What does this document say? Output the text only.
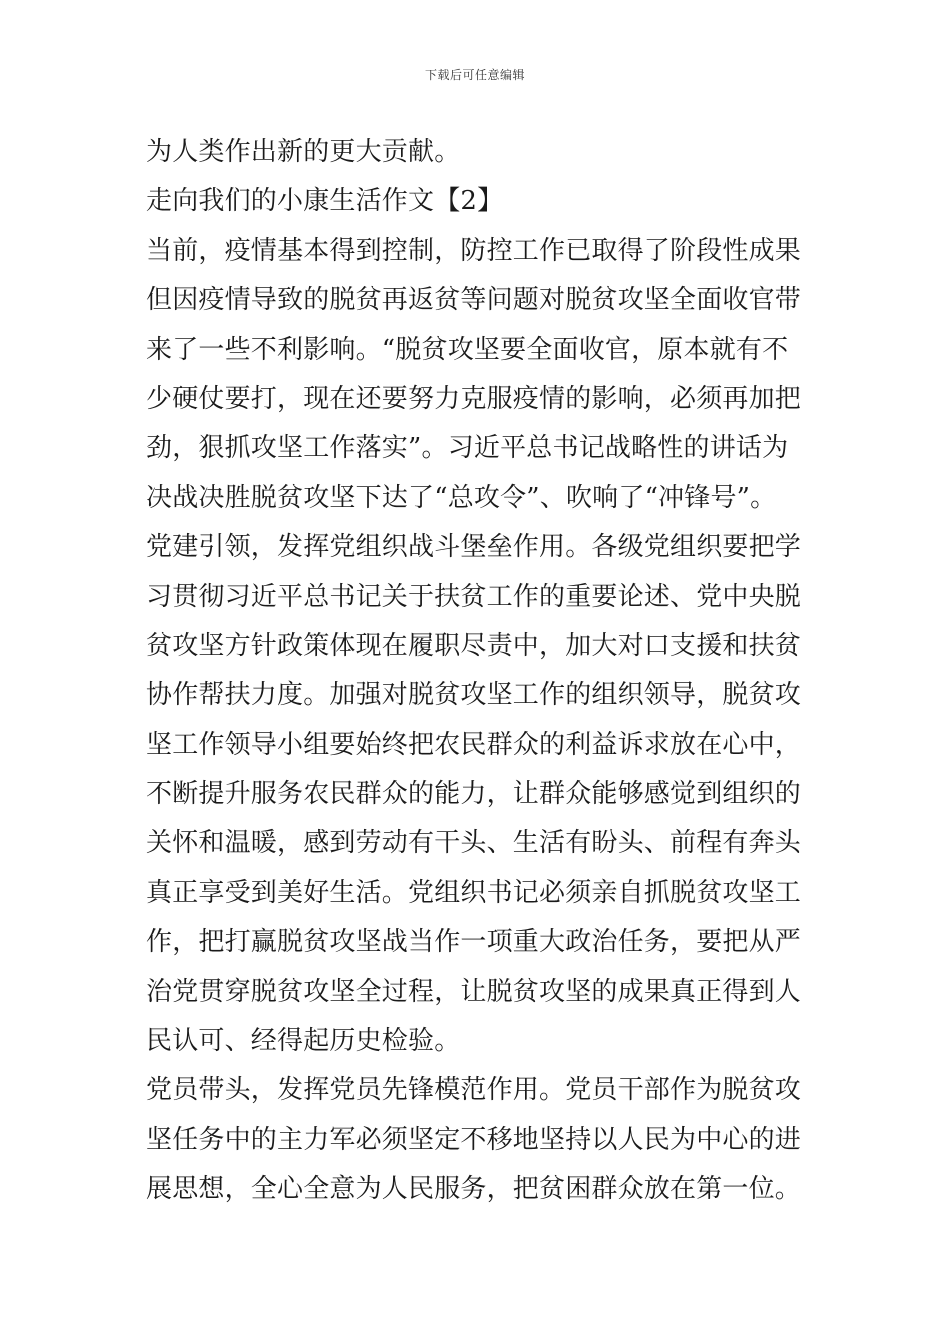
下载后可任意编辑
为人类作出新的更大贡献。
走向我们的小康生活作文【2】
当前，疫情基本得到控制，防控工作已取得了阶段性成果
但因疫情导致的脱贫再返贫等问题对脱贫攻坚全面收官带
来了一些不利影响。“脱贫攻坚要全面收官，原本就有不
少硬仗要打，现在还要努力克服疫情的影响，必须再加把
劲，狠抓攻坚工作落实”。习近平总书记战略性的讲话为
决战决胜脱贫攻坚下达了“总攻令”、吹响了“冲锋号”。
党建引领，发挥党组织战斗堡垒作用。各级党组织要把学
习贯彻习近平总书记关于扶贫工作的重要论述、党中央脱
贫攻坚方针政策体现在履职尽责中，加大对口支援和扶贫
协作帮扶力度。加强对脱贫攻坚工作的组织领导，脱贫攻
坚工作领导小组要始终把农民群众的利益诉求放在心中，
不断提升服务农民群众的能力，让群众能够感觉到组织的
关怀和温暖，感到劳动有干头、生活有盼头、前程有奔头
真正享受到美好生活。党组织书记必须亲自抓脱贫攻坚工
作，把打赢脱贫攻坚战当作一项重大政治任务，要把从严
治党贯穿脱贫攻坚全过程，让脱贫攻坚的成果真正得到人
民认可、经得起历史检验。
党员带头，发挥党员先锋模范作用。党员干部作为脱贫攻
坚任务中的主力军必须坚定不移地坚持以人民为中心的进
展思想，全心全意为人民服务，把贫困群众放在第一位。
